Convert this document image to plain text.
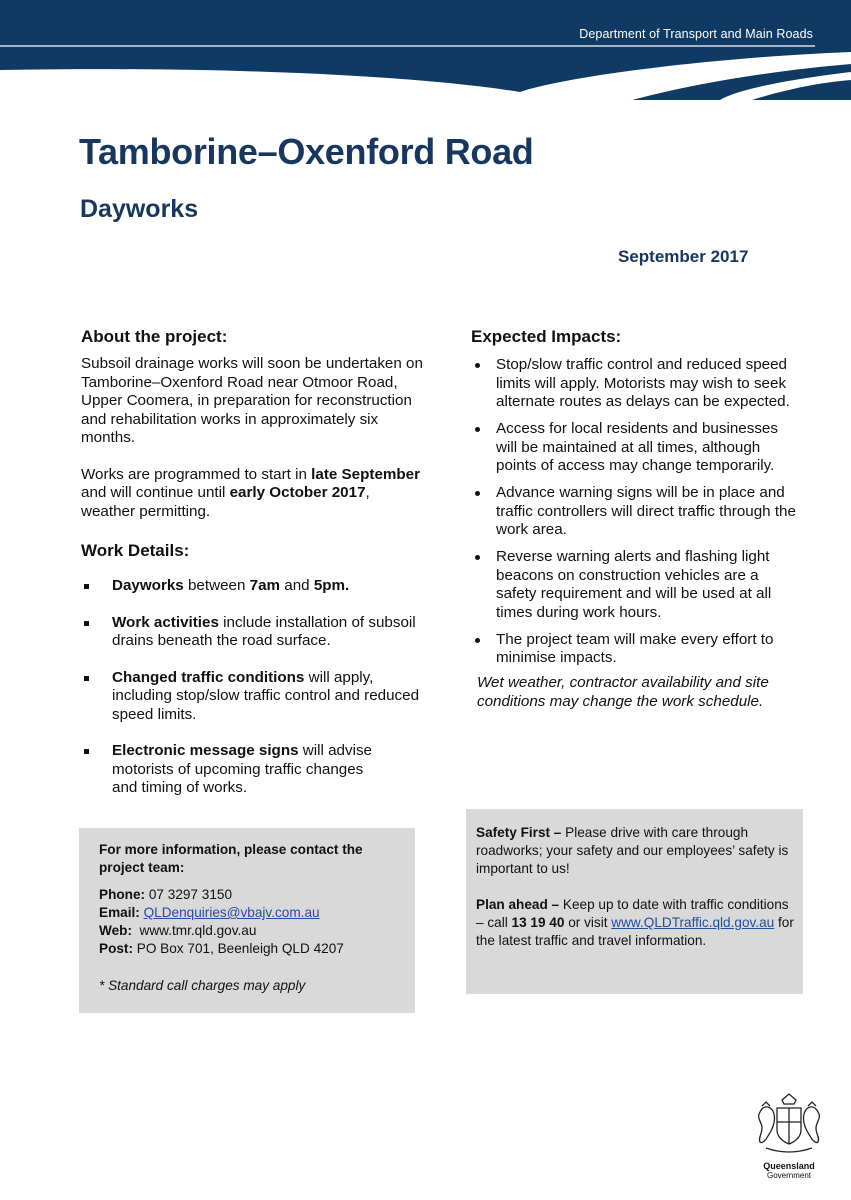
Department of Transport and Main Roads
Tamborine–Oxenford Road
Dayworks
September 2017
About the project:

Subsoil drainage works will soon be undertaken on Tamborine–Oxenford Road near Otmoor Road, Upper Coomera, in preparation for reconstruction and rehabilitation works in approximately six months.

Works are programmed to start in late September and will continue until early October 2017, weather permitting.

Work Details:
Dayworks between 7am and 5pm.
Work activities include installation of subsoil drains beneath the road surface.
Changed traffic conditions will apply, including stop/slow traffic control and reduced speed limits.
Electronic message signs will advise motorists of upcoming traffic changes and timing of works.
Expected Impacts:
Stop/slow traffic control and reduced speed limits will apply. Motorists may wish to seek alternate routes as delays can be expected.
Access for local residents and businesses will be maintained at all times, although points of access may change temporarily.
Advance warning signs will be in place and traffic controllers will direct traffic through the work area.
Reverse warning alerts and flashing light beacons on construction vehicles are a safety requirement and will be used at all times during work hours.
The project team will make every effort to minimise impacts.

Wet weather, contractor availability and site conditions may change the work schedule.

For more information, please contact the project team:

Phone: 07 3297 3150

Email: QLDenquiries@vbajv.com.au

Web: www.tmr.qld.gov.au

Post: PO Box 701, Beenleigh QLD 4207

* Standard call charges may apply

Safety First – Please drive with care through roadworks; your safety and our employees’ safety is important to us!

Plan ahead – Keep up to date with traffic conditions – call 13 19 40 or visit www.QLDTraffic.qld.gov.au for the latest traffic and travel information.

Queensland
Government
